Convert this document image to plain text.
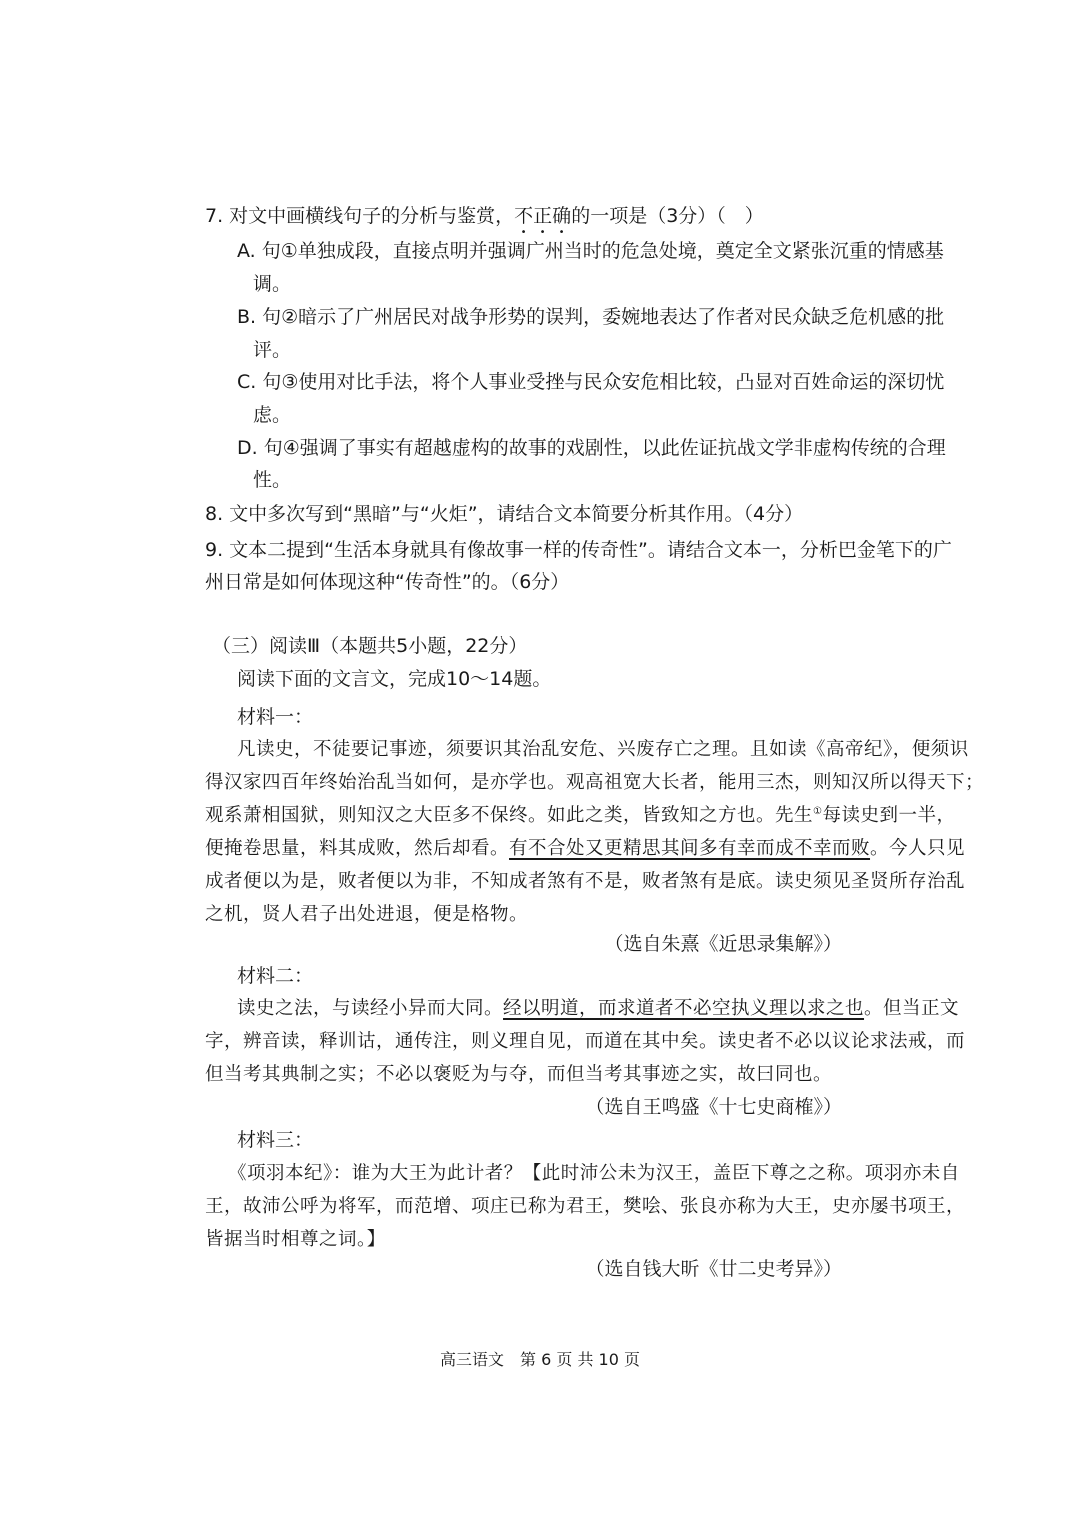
7. 对文中画横线句子的分析与鉴赏，不正确的一项是（3分）（　）
A. 句①单独成段，直接点明并强调广州当时的危急处境，奠定全文紧张沉重的情感基
调。
B. 句②暗示了广州居民对战争形势的误判，委婉地表达了作者对民众缺乏危机感的批
评。
C. 句③使用对比手法，将个人事业受挫与民众安危相比较，凸显对百姓命运的深切忧
虑。
D. 句④强调了事实有超越虚构的故事的戏剧性，以此佐证抗战文学非虚构传统的合理
性。
8. 文中多次写到“黑暗”与“火炬”，请结合文本简要分析其作用。（4分）
9. 文本二提到“生活本身就具有像故事一样的传奇性”。请结合文本一，分析巴金笔下的广
州日常是如何体现这种“传奇性”的。（6分）
（三）阅读Ⅲ（本题共5小题，22分）
阅读下面的文言文，完成10～14题。
材料一：
凡读史，不徒要记事迹，须要识其治乱安危、兴废存亡之理。且如读《高帝纪》，便须识
得汉家四百年终始治乱当如何，是亦学也。观高祖宽大长者，能用三杰，则知汉所以得天下；
观系萧相国狱，则知汉之大臣多不保终。如此之类，皆致知之方也。先生①每读史到一半，
便掩卷思量，料其成败，然后却看。有不合处又更精思其间多有幸而成不幸而败。今人只见
成者便以为是，败者便以为非，不知成者煞有不是，败者煞有是底。读史须见圣贤所存治乱
之机，贤人君子出处进退，便是格物。
（选自朱熹《近思录集解》）
材料二：
读史之法，与读经小异而大同。经以明道，而求道者不必空执义理以求之也。但当正文
字，辨音读，释训诂，通传注，则义理自见，而道在其中矣。读史者不必以议论求法戒，而
但当考其典制之实；不必以褒贬为与夺，而但当考其事迹之实，故曰同也。
（选自王鸣盛《十七史商榷》）
材料三：
《项羽本纪》：谁为大王为此计者？【此时沛公未为汉王，盖臣下尊之之称。项羽亦未自
王，故沛公呼为将军，而范增、项庄已称为君王，樊哙、张良亦称为大王，史亦屡书项王，
皆据当时相尊之词。】
（选自钱大昕《廿二史考异》）
高三语文　第 6 页 共 10 页
